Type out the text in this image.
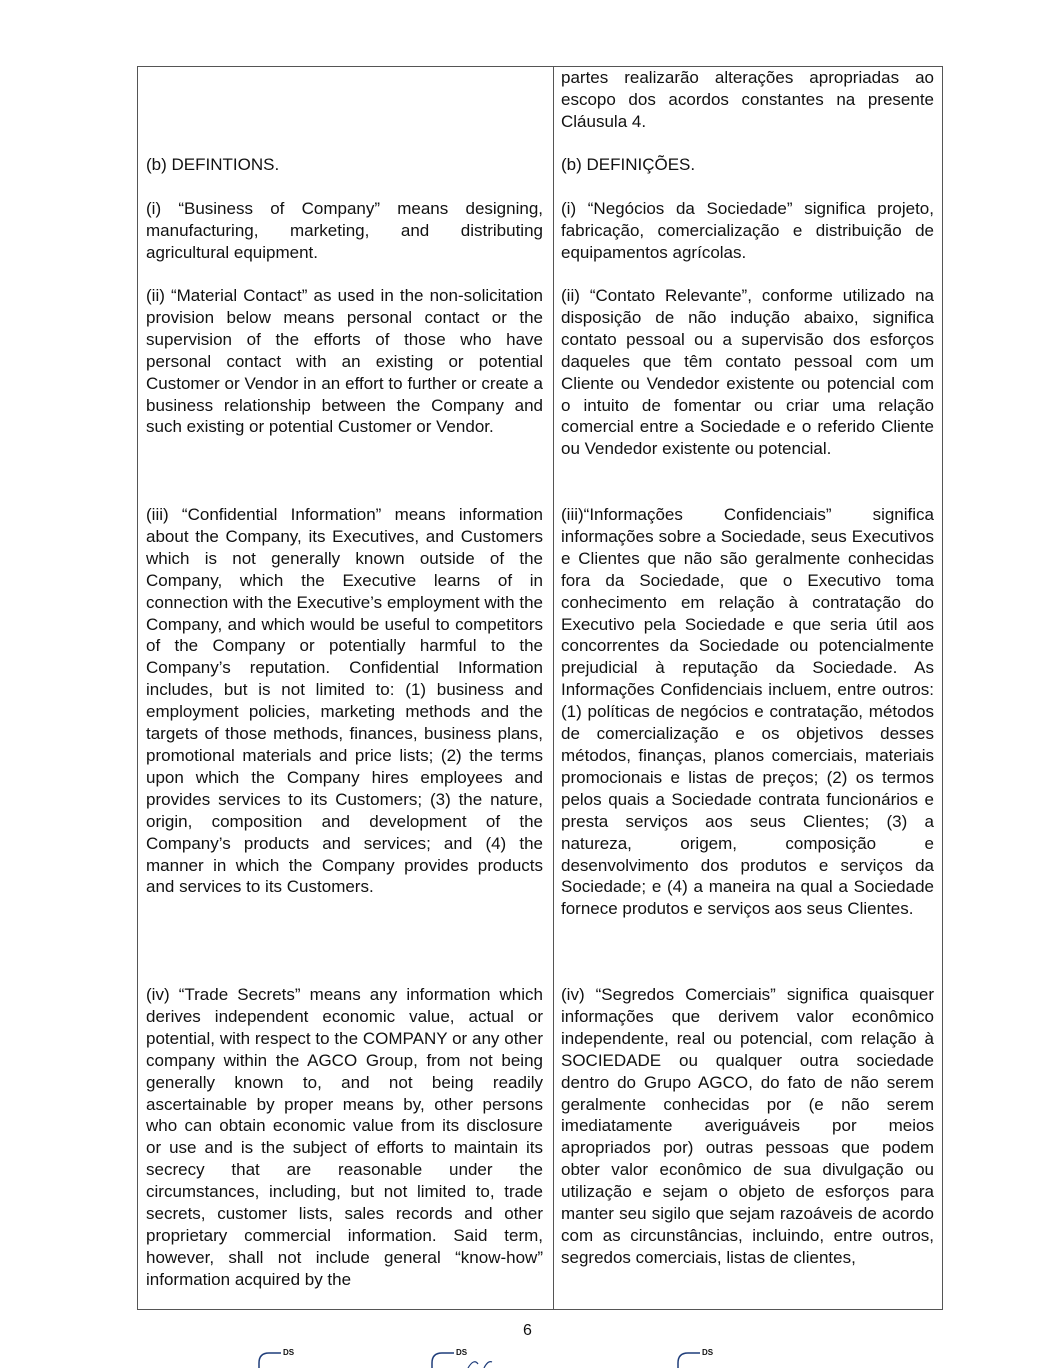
(b) DEFINTIONS.

(i) “Business of Company” means designing, manufacturing, marketing, and distributing agricultural equipment.

(ii) “Material Contact” as used in the non-solicitation provision below means personal contact or the supervision of the efforts of those who have personal contact with an existing or potential Customer or Vendor in an effort to further or create a business relationship between the Company and such existing or potential Customer or Vendor.

(iii) “Confidential Information” means information about the Company, its Executives, and Customers which is not generally known outside of the Company, which the Executive learns of in connection with the Executive’s employment with the Company, and which would be useful to competitors of the Company or potentially harmful to the Company’s reputation. Confidential Information includes, but is not limited to: (1) business and employment policies, marketing methods and the targets of those methods, finances, business plans, promotional materials and price lists; (2) the terms upon which the Company hires employees and provides services to its Customers; (3) the nature, origin, composition and development of the Company’s products and services; and (4) the manner in which the Company provides products and services to its Customers.

(iv) “Trade Secrets” means any information which derives independent economic value, actual or potential, with respect to the COMPANY or any other company within the AGCO Group, from not being generally known to, and not being readily ascertainable by proper means by, other persons who can obtain economic value from its disclosure or use and is the subject of efforts to maintain its secrecy that are reasonable under the circumstances, including, but not limited to, trade secrets, customer lists, sales records and other proprietary commercial information. Said term, however, shall not include general “know-how” information acquired by the

partes realizarão alterações apropriadas ao escopo dos acordos constantes na presente Cláusula 4.

(b) DEFINIÇÕES.

(i) “Negócios da Sociedade” significa projeto, fabricação, comercialização e distribuição de equipamentos agrícolas.

(ii) “Contato Relevante”, conforme utilizado na disposição de não indução abaixo, significa contato pessoal ou a supervisão dos esforços daqueles que têm contato pessoal com um Cliente ou Vendedor existente ou potencial com o intuito de fomentar ou criar uma relação comercial entre a Sociedade e o referido Cliente ou Vendedor existente ou potencial.

(iii)“Informações Confidenciais” significa informações sobre a Sociedade, seus Executivos e Clientes que não são geralmente conhecidas fora da Sociedade, que o Executivo toma conhecimento em relação à contratação do Executivo pela Sociedade e que seria útil aos concorrentes da Sociedade ou potencialmente prejudicial à reputação da Sociedade. As Informações Confidenciais incluem, entre outros: (1) políticas de negócios e contratação, métodos de comercialização e os objetivos desses métodos, finanças, planos comerciais, materiais promocionais e listas de preços; (2) os termos pelos quais a Sociedade contrata funcionários e presta serviços aos seus Clientes; (3) a natureza, origem, composição e desenvolvimento dos produtos e serviços da Sociedade; e (4) a maneira na qual a Sociedade fornece produtos e serviços aos seus Clientes.

(iv) “Segredos Comerciais” significa quaisquer informações que derivem valor econômico independente, real ou potencial, com relação à SOCIEDADE ou qualquer outra sociedade dentro do Grupo AGCO, do fato de não serem geralmente conhecidas por (e não serem imediatamente averiguáveis por meios apropriados por) outras pessoas que podem obter valor econômico de sua divulgação ou utilização e sejam o objeto de esforços para manter seu sigilo que sejam razoáveis de acordo com as circunstâncias, incluindo, entre outros, segredos comerciais, listas de clientes,

6
DS	DS	DS
